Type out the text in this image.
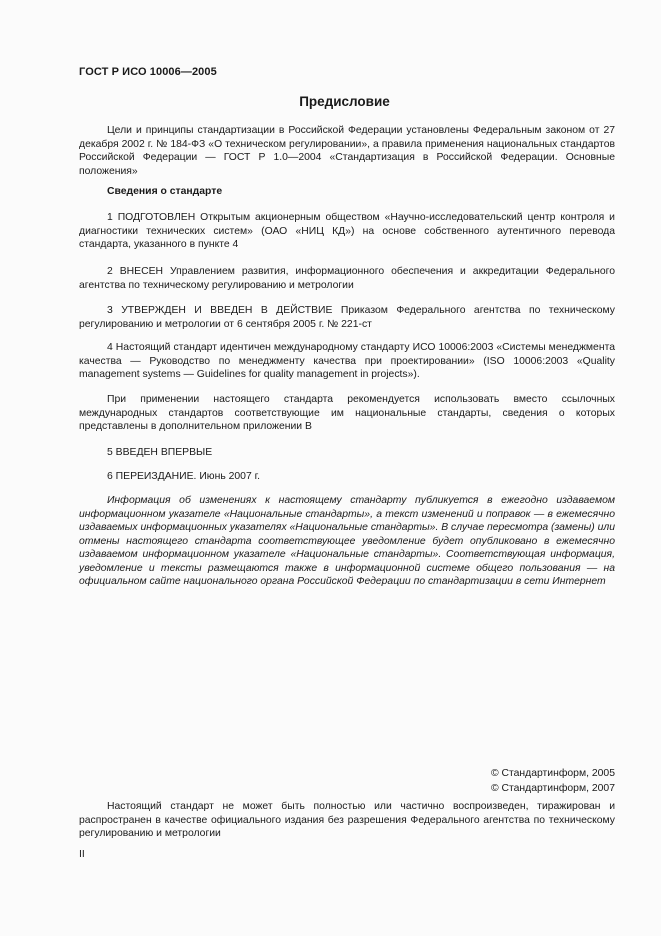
ГОСТ Р ИСО 10006—2005
Предисловие

Цели и принципы стандартизации в Российской Федерации установлены Федеральным законом от 27 декабря 2002 г. № 184-ФЗ «О техническом регулировании», а правила применения национальных стандартов Российской Федерации — ГОСТ Р 1.0—2004 «Стандартизация в Российской Федерации. Основные положения»

Сведения о стандарте

1 ПОДГОТОВЛЕН Открытым акционерным обществом «Научно-исследовательский центр контроля и диагностики технических систем» (ОАО «НИЦ КД») на основе собственного аутентичного перевода стандарта, указанного в пункте 4

2 ВНЕСЕН Управлением развития, информационного обеспечения и аккредитации Федерального агентства по техническому регулированию и метрологии

3 УТВЕРЖДЕН И ВВЕДЕН В ДЕЙСТВИЕ Приказом Федерального агентства по техническому регулированию и метрологии от 6 сентября 2005 г. № 221-ст

4 Настоящий стандарт идентичен международному стандарту ИСО 10006:2003 «Системы менеджмента качества — Руководство по менеджменту качества при проектировании» (ISO 10006:2003 «Quality management systems — Guidelines for quality management in projects»).

При применении настоящего стандарта рекомендуется использовать вместо ссылочных международных стандартов соответствующие им национальные стандарты, сведения о которых представлены в дополнительном приложении В

5 ВВЕДЕН ВПЕРВЫЕ

6 ПЕРЕИЗДАНИЕ. Июнь 2007 г.

Информация об изменениях к настоящему стандарту публикуется в ежегодно издаваемом информационном указателе «Национальные стандарты», а текст изменений и поправок — в ежемесячно издаваемых информационных указателях «Национальные стандарты». В случае пересмотра (замены) или отмены настоящего стандарта соответствующее уведомление будет опубликовано в ежемесячно издаваемом информационном указателе «Национальные стандарты». Соответствующая информация, уведомление и тексты размещаются также в информационной системе общего пользования — на официальном сайте национального органа Российской Федерации по стандартизации в сети Интернет

© Стандартинформ, 2005
© Стандартинформ, 2007

Настоящий стандарт не может быть полностью или частично воспроизведен, тиражирован и распространен в качестве официального издания без разрешения Федерального агентства по техническому регулированию и метрологии

II
